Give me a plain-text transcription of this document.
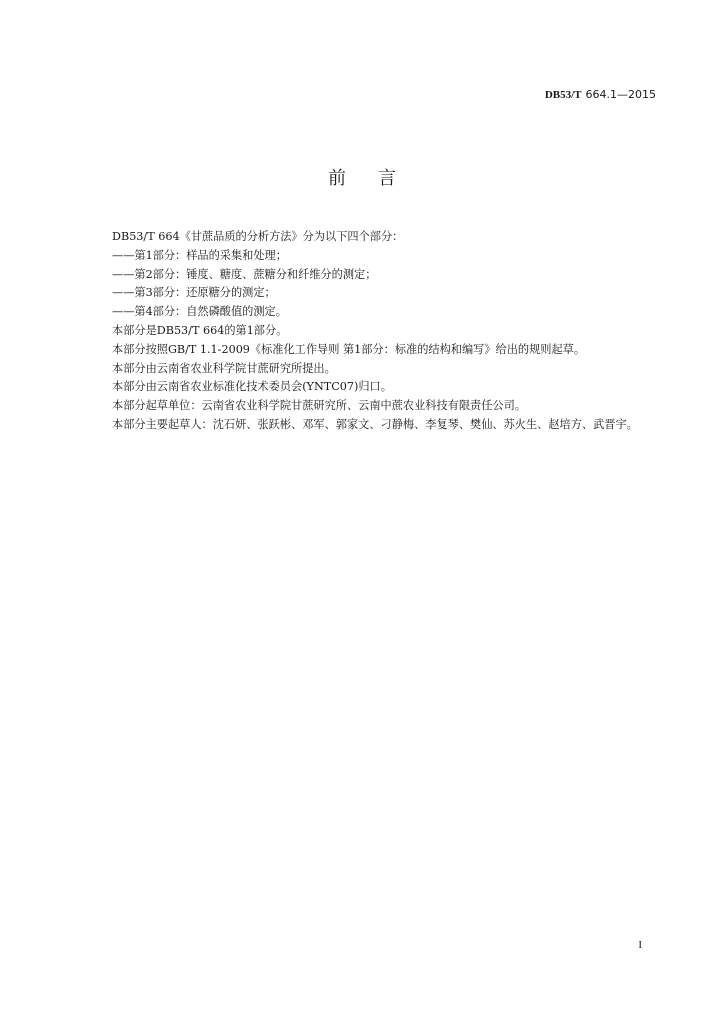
DB53/T 664.1—2015
前言

DB53/T 664《甘蔗品质的分析方法》分为以下四个部分：

——第1部分：样品的采集和处理；

——第2部分：锤度、糖度、蔗糖分和纤维分的测定；

——第3部分：还原糖分的测定；

——第4部分：自然磷酸值的测定。

本部分是DB53/T 664的第1部分。

本部分按照GB/T 1.1-2009《标准化工作导则 第1部分：标准的结构和编写》给出的规则起草。

本部分由云南省农业科学院甘蔗研究所提出。

本部分由云南省农业标准化技术委员会(YNTC07)归口。

本部分起草单位：云南省农业科学院甘蔗研究所、云南中蔗农业科技有限责任公司。

本部分主要起草人：沈石妍、张跃彬、邓军、郭家文、刁静梅、李复琴、樊仙、苏火生、赵培方、武晋宇。

I
